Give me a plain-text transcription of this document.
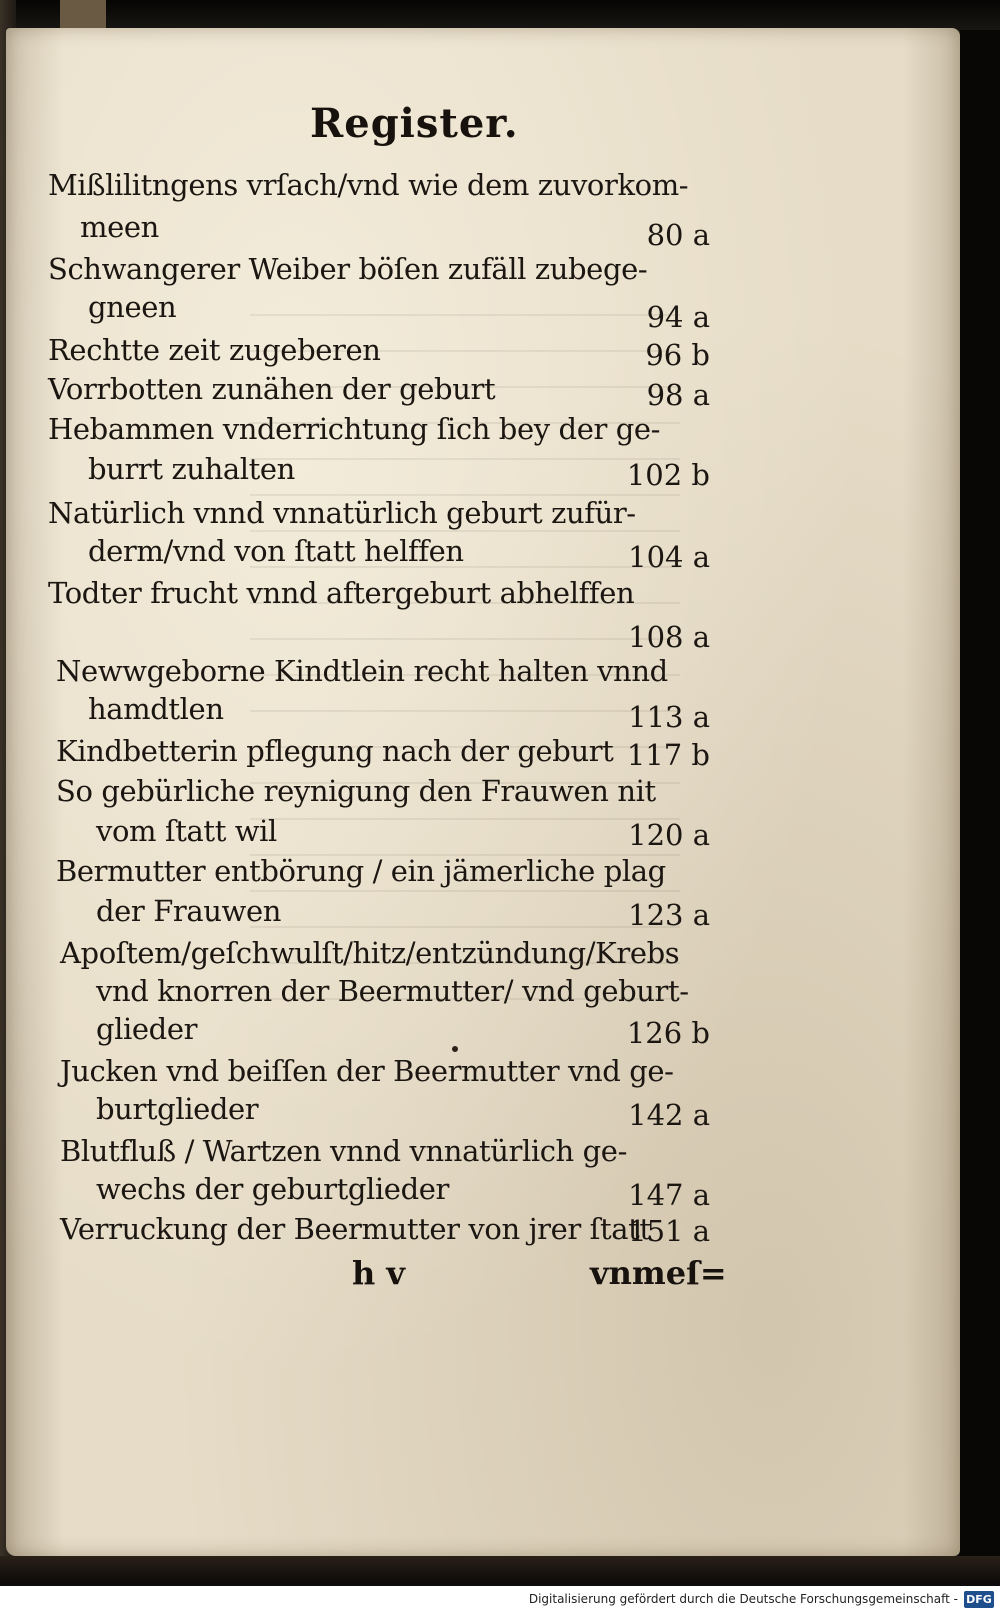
Register.
Mißlilitngens vrſach/vnd wie dem zuvorkom-
meen	80 a
Schwangerer Weiber böſen zufäll zubege-
gneen	94 a
Rechtte zeit zugeberen	96 b
Vorrbotten zunähen der geburt	98 a
Hebammen vnderrichtung ſich bey der ge-
burrt zuhalten	102 b
Natürlich vnnd vnnatürlich geburt zufür-
derm/vnd von ſtatt helffen	104 a
Todter frucht vnnd aftergeburt abhelffen
108 a
Newwgeborne Kindtlein recht halten vnnd
hamdtlen	113 a
Kindbetterin pflegung nach der geburt 117 b
So gebürliche reynigung den Frauwen nit
vom ſtatt wil	120 a
Bermutter entbörung / ein jämerliche plag
der Frauwen	123 a
Apoſtem/geſchwulſt/hitz/entzündung/Krebs
vnd knorren der Beermutter/ vnd geburt-
glieder	126 b
Jucken vnd beiſſen der Beermutter vnd ge-
burtglieder	142 a
Blutfluß / Wartzen vnnd vnnatürlich ge-
wechs der geburtglieder	147 a
Verruckung der Beermutter von jrer ſtatt
151 a
h v	vnmeſ=
Digitalisierung gefördert durch die Deutsche Forschungsgemeinschaft - DFG
